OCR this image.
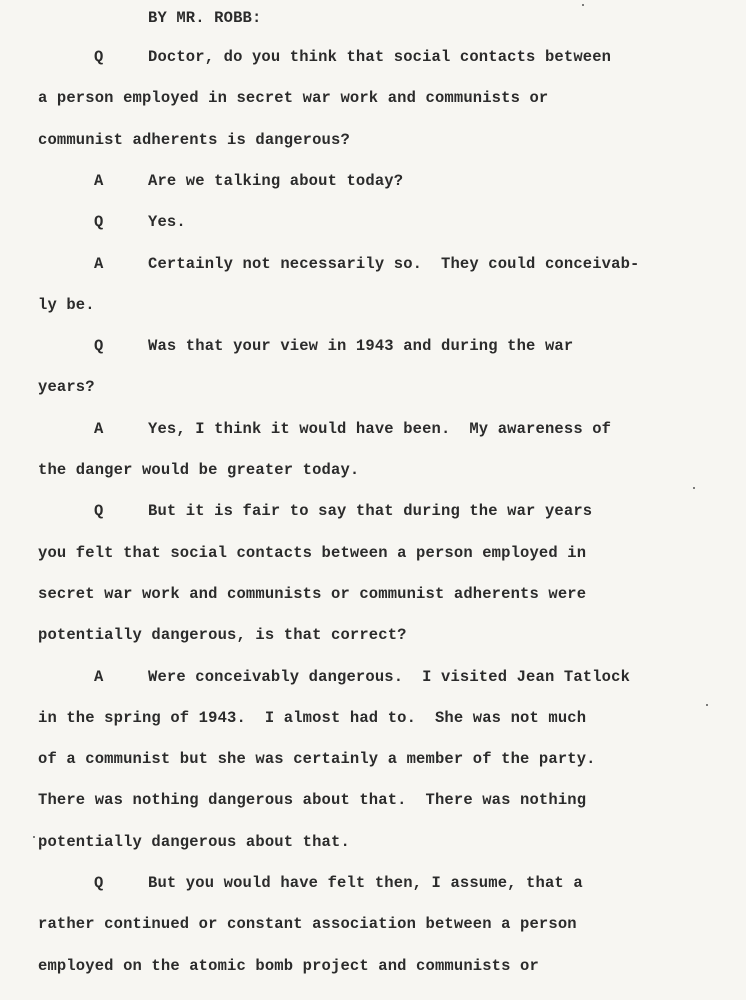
BY MR. ROBB:
Q	Doctor, do you think that social contacts between
a person employed in secret war work and communists or
communist adherents is dangerous?
A	Are we talking about today?
Q	Yes.
A	Certainly not necessarily so.  They could conceivab-
ly be.
Q	Was that your view in 1943 and during the war
years?
A	Yes, I think it would have been.  My awareness of
the danger would be greater today.
Q	But it is fair to say that during the war years
you felt that social contacts between a person employed in
secret war work and communists or communist adherents were
potentially dangerous, is that correct?
A	Were conceivably dangerous.  I visited Jean Tatlock
in the spring of 1943.  I almost had to.  She was not much
of a communist but she was certainly a member of the party.
There was nothing dangerous about that.  There was nothing
potentially dangerous about that.
Q	But you would have felt then, I assume, that a
rather continued or constant association between a person
employed on the atomic bomb project and communists or
